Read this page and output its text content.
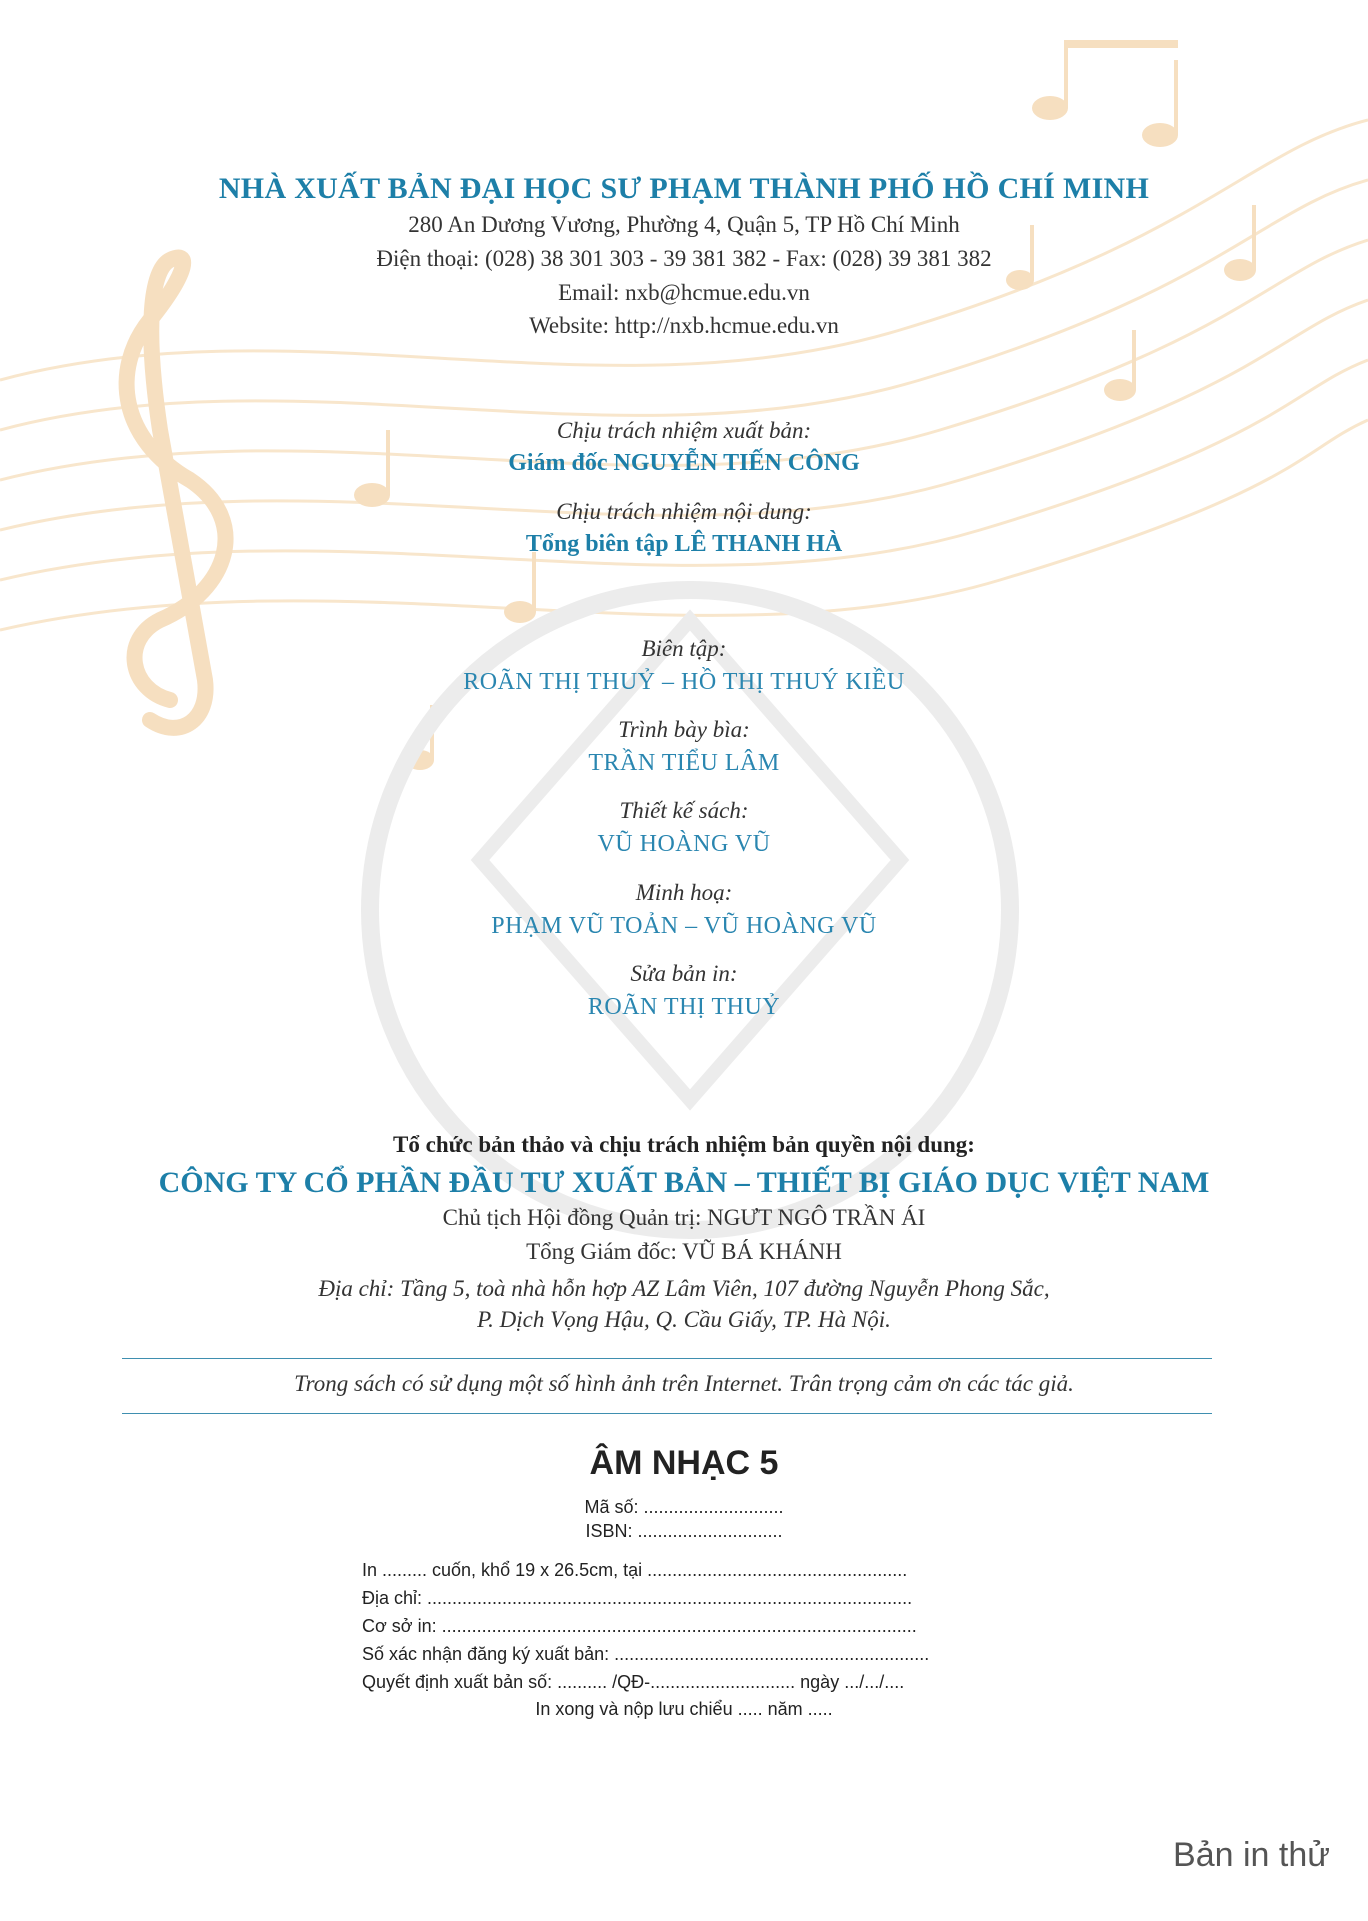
NHÀ XUẤT BẢN ĐẠI HỌC SƯ PHẠM THÀNH PHỐ HỒ CHÍ MINH
280 An Dương Vương, Phường 4, Quận 5, TP Hồ Chí Minh
Điện thoại: (028) 38 301 303 - 39 381 382 - Fax: (028) 39 381 382
Email: nxb@hcmue.edu.vn
Website: http://nxb.hcmue.edu.vn
Chịu trách nhiệm xuất bản:
Giám đốc NGUYỄN TIẾN CÔNG
Chịu trách nhiệm nội dung:
Tổng biên tập LÊ THANH HÀ
Biên tập:
ROÃN THỊ THUỶ – HỒ THỊ THUÝ KIỀU
Trình bày bìa:
TRẦN TIỂU LÂM
Thiết kế sách:
VŨ HOÀNG VŨ
Minh hoạ:
PHẠM VŨ TOẢN – VŨ HOÀNG VŨ
Sửa bản in:
ROÃN THỊ THUỶ
Tổ chức bản thảo và chịu trách nhiệm bản quyền nội dung:
CÔNG TY CỔ PHẦN ĐẦU TƯ XUẤT BẢN – THIẾT BỊ GIÁO DỤC VIỆT NAM
Chủ tịch Hội đồng Quản trị: NGƯT NGÔ TRẦN ÁI
Tổng Giám đốc: VŨ BÁ KHÁNH
Địa chỉ: Tầng 5, toà nhà hỗn hợp AZ Lâm Viên, 107 đường Nguyễn Phong Sắc,
P. Dịch Vọng Hậu, Q. Cầu Giấy, TP. Hà Nội.
Trong sách có sử dụng một số hình ảnh trên Internet. Trân trọng cảm ơn các tác giả.
ÂM NHẠC 5
Mã số: ............................
ISBN: .............................
In ......... cuốn, khổ 19 x 26.5cm, tại ....................................................
Địa chỉ: .................................................................................................
Cơ sở in: ...............................................................................................
Số xác nhận đăng ký xuất bản: ...............................................................
Quyết định xuất bản số: .......... /QĐ-............................. ngày .../.../....
In xong và nộp lưu chiểu ..... năm .....
Bản in thử
